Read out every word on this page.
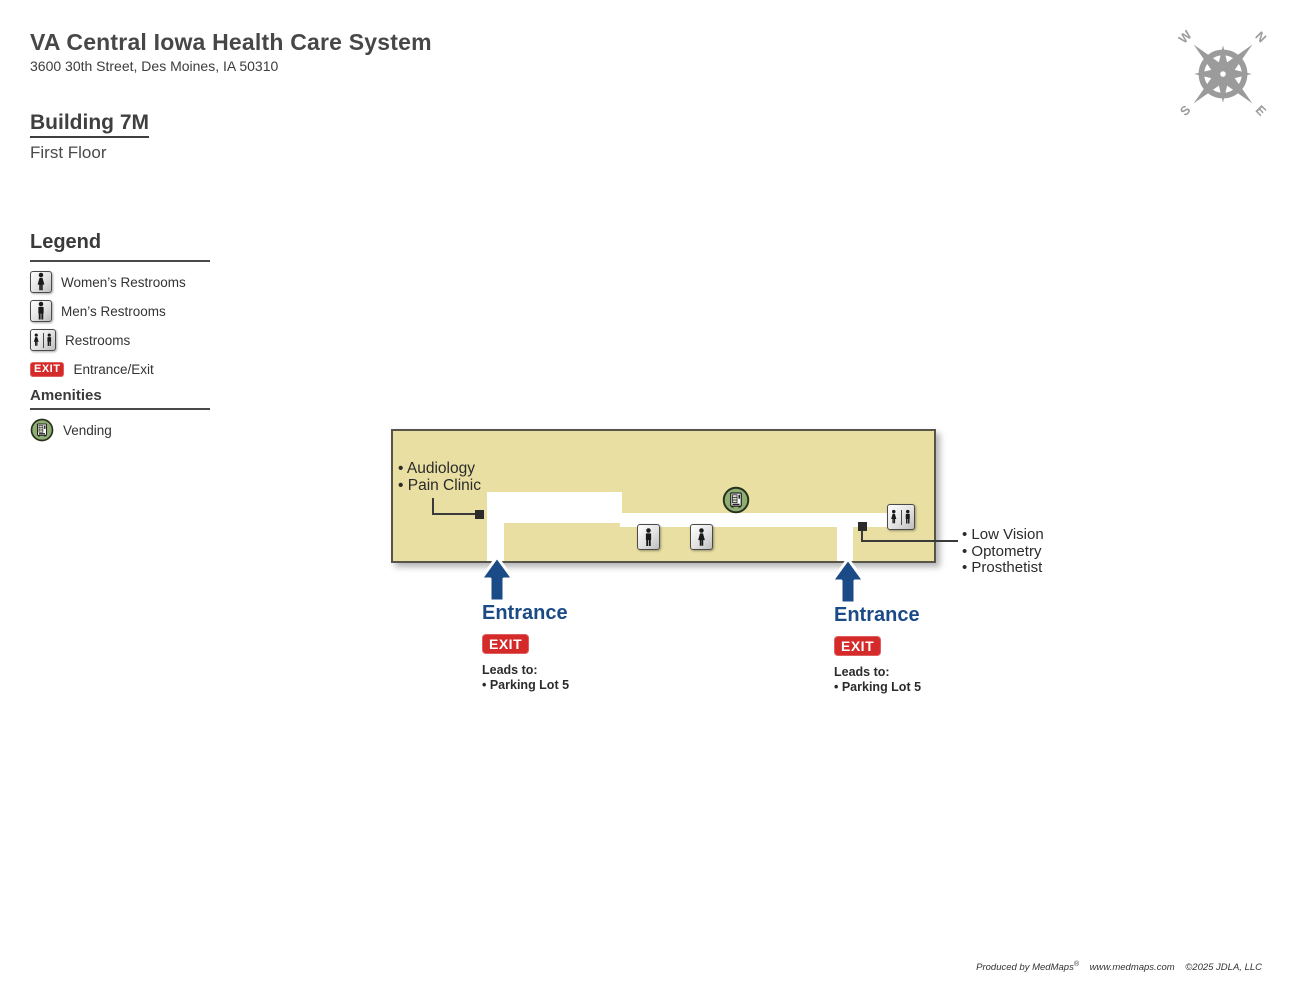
VA Central Iowa Health Care System
3600 30th Street, Des Moines, IA 50310
Building 7M
First Floor
W	N
S	E
Legend
Women’s Restrooms
Men’s Restrooms
Restrooms
EXIT Entrance/Exit
Amenities
Vending
• Audiology
• Pain Clinic
• Low Vision
• Optometry
• Prosthetist
Entrance
EXIT
Leads to:
• Parking Lot 5
Entrance
EXIT
Leads to:
• Parking Lot 5
Produced by MedMaps® www.medmaps.com ©2025 JDLA, LLC
